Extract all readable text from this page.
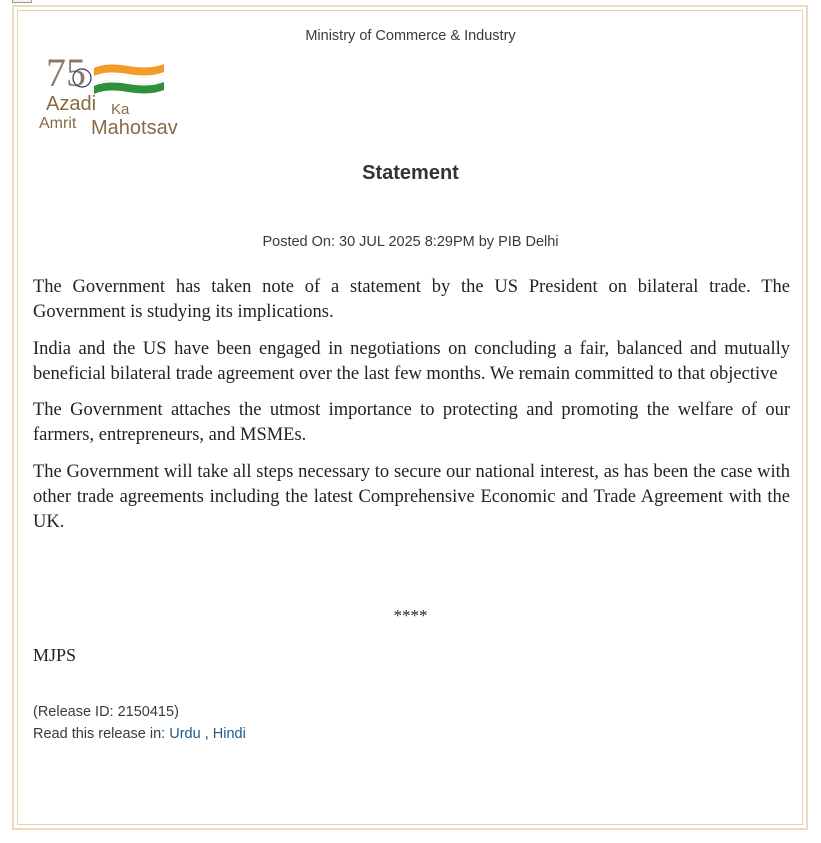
Ministry of Commerce & Industry
75
Azadi Ka
Amrit Mahotsav
Statement
Posted On: 30 JUL 2025 8:29PM by PIB Delhi

The Government has taken note of a statement by the US President on bilateral trade. The Government is studying its implications.

India and the US have been engaged in negotiations on concluding a fair, balanced and mutually beneficial bilateral trade agreement over the last few months. We remain committed to that objective

The Government attaches the utmost importance to protecting and promoting the welfare of our farmers, entrepreneurs, and MSMEs.

The Government will take all steps necessary to secure our national interest, as has been the case with other trade agreements including the latest Comprehensive Economic and Trade Agreement with the UK.

****
MJPS
(Release ID: 2150415)
Read this release in: Urdu , Hindi
